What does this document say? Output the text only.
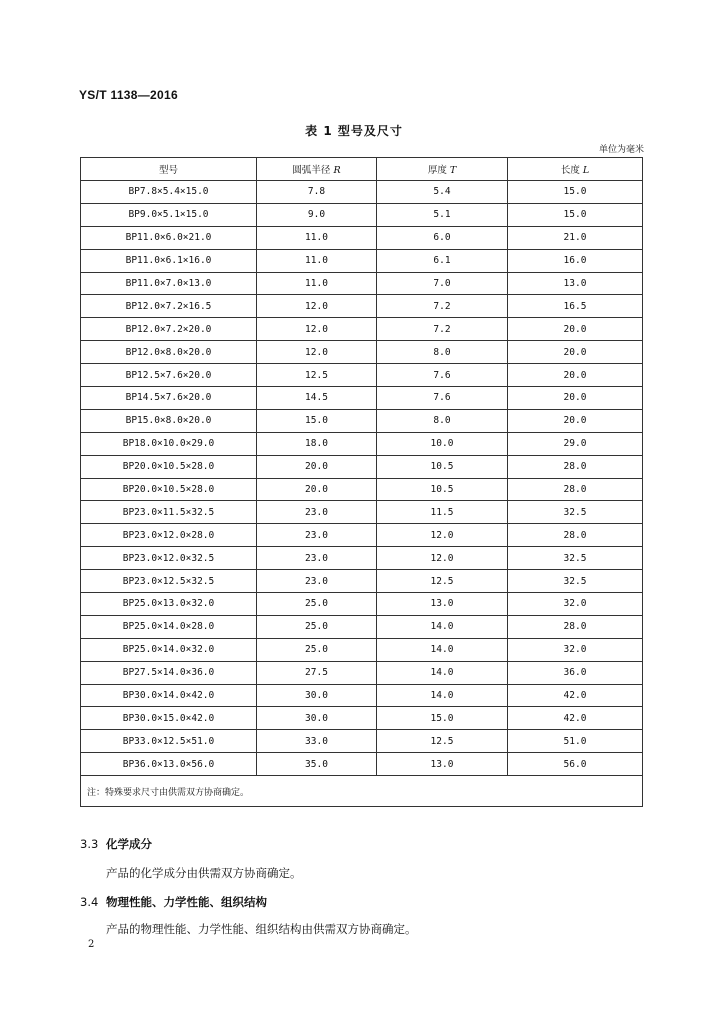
YS/T 1138—2016
表 1 型号及尺寸
单位为毫米
型号	圆弧半径 R	厚度 T	长度 L
BP7.8×5.4×15.0	7.8	5.4	15.0
BP9.0×5.1×15.0	9.0	5.1	15.0
BP11.0×6.0×21.0	11.0	6.0	21.0
BP11.0×6.1×16.0	11.0	6.1	16.0
BP11.0×7.0×13.0	11.0	7.0	13.0
BP12.0×7.2×16.5	12.0	7.2	16.5
BP12.0×7.2×20.0	12.0	7.2	20.0
BP12.0×8.0×20.0	12.0	8.0	20.0
BP12.5×7.6×20.0	12.5	7.6	20.0
BP14.5×7.6×20.0	14.5	7.6	20.0
BP15.0×8.0×20.0	15.0	8.0	20.0
BP18.0×10.0×29.0	18.0	10.0	29.0
BP20.0×10.5×28.0	20.0	10.5	28.0
BP20.0×10.5×28.0	20.0	10.5	28.0
BP23.0×11.5×32.5	23.0	11.5	32.5
BP23.0×12.0×28.0	23.0	12.0	28.0
BP23.0×12.0×32.5	23.0	12.0	32.5
BP23.0×12.5×32.5	23.0	12.5	32.5
BP25.0×13.0×32.0	25.0	13.0	32.0
BP25.0×14.0×28.0	25.0	14.0	28.0
BP25.0×14.0×32.0	25.0	14.0	32.0
BP27.5×14.0×36.0	27.5	14.0	36.0
BP30.0×14.0×42.0	30.0	14.0	42.0
BP30.0×15.0×42.0	30.0	15.0	42.0
BP33.0×12.5×51.0	33.0	12.5	51.0
BP36.0×13.0×56.0	35.0	13.0	56.0
注：特殊要求尺寸由供需双方协商确定。			
3.3 化学成分
产品的化学成分由供需双方协商确定。
3.4 物理性能、力学性能、组织结构
产品的物理性能、力学性能、组织结构由供需双方协商确定。
2
